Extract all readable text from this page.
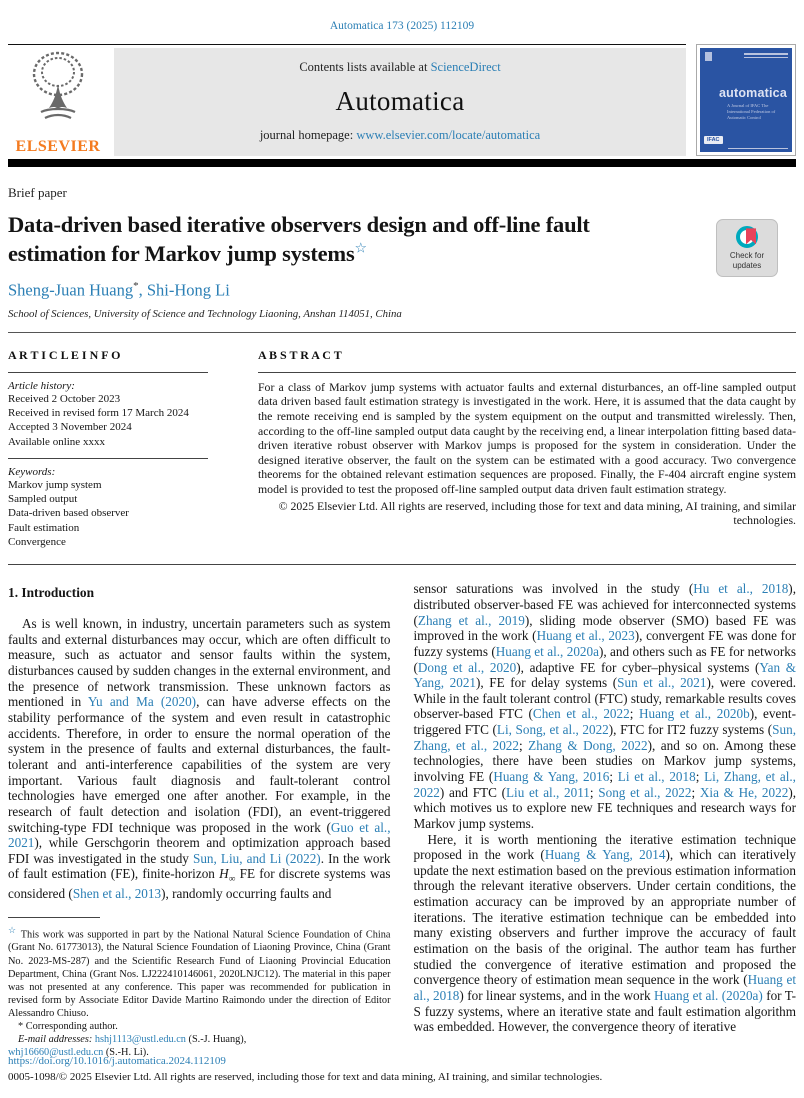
Automatica 173 (2025) 112109
ELSEVIER
Contents lists available at ScienceDirect
Automatica
journal homepage: www.elsevier.com/locate/automatica
automatica
A Journal of IFAC The International Federation of Automatic Control
IFAC
Brief paper
Data-driven based iterative observers design and off-line fault estimation for Markov jump systems☆	Check for
updates
Sheng-Juan Huang*, Shi-Hong Li
School of Sciences, University of Science and Technology Liaoning, Anshan 114051, China
A R T I C L E I N F O
Article history:
Received 2 October 2023
Received in revised form 17 March 2024
Accepted 3 November 2024
Available online xxxx
Keywords:
Markov jump system
Sampled output
Data-driven based observer
Fault estimation
Convergence
A B S T R A C T
For a class of Markov jump systems with actuator faults and external disturbances, an off-line sampled output data driven based fault estimation strategy is investigated in the work. Here, it is assumed that the data caught by the remote receiving end is sampled by the system equipment on the output and transmitted wirelessly. Then, according to the off-line sampled output data caught by the receiving end, a linear interpolation fitting based data-driven iterative robust observer with Markov jumps is proposed for the system in consideration. Under the designed iterative observer, the fault on the system can be estimated with a good accuracy. Two convergence theorems for the obtained relevant estimation sequences are proposed. Finally, the F-404 aircraft engine system model is provided to test the proposed off-line sampled output data driven fault estimation strategy.
© 2025 Elsevier Ltd. All rights are reserved, including those for text and data mining, AI training, and similar technologies.
1. Introduction

As is well known, in industry, uncertain parameters such as system faults and external disturbances may occur, which are often difficult to measure, such as actuator and sensor faults within the system, disturbances caused by sudden changes in the external environment, and the presence of network transmission. These unknown factors as mentioned in Yu and Ma (2020), can have adverse effects on the stability performance of the system and even result in catastrophic accidents. Therefore, in order to ensure the normal operation of the system in the presence of faults and external disturbances, the fault-tolerant and anti-interference capabilities of the system are very important. Various fault diagnosis and fault-tolerant control technologies have emerged one after another. For example, in the research of fault detection and isolation (FDI), an event-triggered switching-type FDI technique was proposed in the work (Guo et al., 2021), while Gerschgorin theorem and optimization approach based FDI was investigated in the study Sun, Liu, and Li (2022). In the work of fault estimation (FE), finite-horizon $H_\infty$ FE for discrete systems was considered (Shen et al., 2013), randomly occurring faults and

☆ This work was supported in part by the National Natural Science Foundation of China (Grant No. 61773013), the Natural Science Foundation of Liaoning Province, China (Grant No. 2023-MS-287) and the Scientific Research Fund of Liaoning Provincial Education Department, China (Grant Nos. LJ222410146061, 2020LNJC12). The material in this paper was not presented at any conference. This paper was recommended for publication in revised form by Associate Editor Davide Martino Raimondo under the direction of Editor Alessandro Chiuso.

* Corresponding author.

E-mail addresses: hshj1113@ustl.edu.cn (S.-J. Huang),
whj16660@ustl.edu.cn (S.-H. Li).

sensor saturations was involved in the study (Hu et al., 2018), distributed observer-based FE was achieved for interconnected systems (Zhang et al., 2019), sliding mode observer (SMO) based FE was improved in the work (Huang et al., 2023), convergent FE was done for fuzzy systems (Huang et al., 2020a), and others such as FE for networks (Dong et al., 2020), adaptive FE for cyber–physical systems (Yan & Yang, 2021), FE for delay systems (Sun et al., 2021), were covered. While in the fault tolerant control (FTC) study, remarkable results coves observer-based FTC (Chen et al., 2022; Huang et al., 2020b), event-triggered FTC (Li, Song, et al., 2022), FTC for IT2 fuzzy systems (Sun, Zhang, et al., 2022; Zhang & Dong, 2022), and so on. Among these technologies, there have been studies on Markov jump systems, involving FE (Huang & Yang, 2016; Li et al., 2018; Li, Zhang, et al., 2022) and FTC (Liu et al., 2011; Song et al., 2022; Xia & He, 2022), which motives us to explore new FE techniques and research ways for Markov jump systems.

Here, it is worth mentioning the iterative estimation technique proposed in the work (Huang & Yang, 2014), which can iteratively update the next estimation based on the previous estimation information through the relevant iterative observers. Under certain conditions, the estimation accuracy can be improved by an appropriate number of iterations. The iterative estimation technique can be embedded into many existing observers and further improve the accuracy of fault estimation on the basis of the original. The author team has further studied the convergence of iterative estimation and proposed the convergence theory of estimation mean sequence in the work (Huang et al., 2018) for linear systems, and in the work Huang et al. (2020a) for T-S fuzzy systems, where an iterative state and fault estimation algorithm was embedded. However, the convergence theory of iterative

https://doi.org/10.1016/j.automatica.2024.112109
0005-1098/© 2025 Elsevier Ltd. All rights are reserved, including those for text and data mining, AI training, and similar technologies.
